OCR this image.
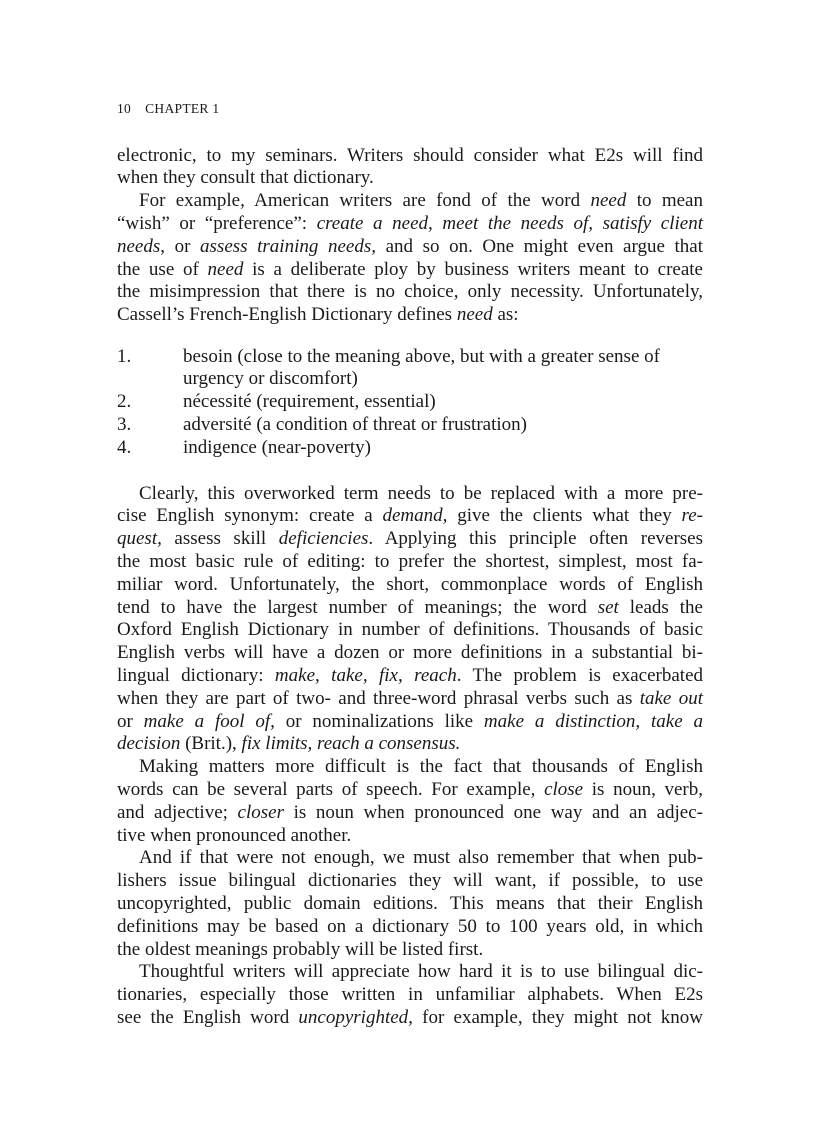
10 CHAPTER 1
electronic, to my seminars. Writers should consider what E2s will find
when they consult that dictionary.
For example, American writers are fond of the word need to mean
“wish” or “preference”: create a need, meet the needs of, satisfy client
needs, or assess training needs, and so on. One might even argue that
the use of need is a deliberate ploy by business writers meant to create
the misimpression that there is no choice, only necessity. Unfortunately,
Cassell’s French-English Dictionary defines need as:
1.	besoin (close to the meaning above, but with a greater sense of
urgency or discomfort)
2.	nécessité (requirement, essential)
3.	adversité (a condition of threat or frustration)
4.	indigence (near-poverty)
Clearly, this overworked term needs to be replaced with a more pre-
cise English synonym: create a demand, give the clients what they re-
quest, assess skill deficiencies. Applying this principle often reverses
the most basic rule of editing: to prefer the shortest, simplest, most fa-
miliar word. Unfortunately, the short, commonplace words of English
tend to have the largest number of meanings; the word set leads the
Oxford English Dictionary in number of definitions. Thousands of basic
English verbs will have a dozen or more definitions in a substantial bi-
lingual dictionary: make, take, fix, reach. The problem is exacerbated
when they are part of two- and three-word phrasal verbs such as take out
or make a fool of, or nominalizations like make a distinction, take a
decision (Brit.), fix limits, reach a consensus.
Making matters more difficult is the fact that thousands of English
words can be several parts of speech. For example, close is noun, verb,
and adjective; closer is noun when pronounced one way and an adjec-
tive when pronounced another.
And if that were not enough, we must also remember that when pub-
lishers issue bilingual dictionaries they will want, if possible, to use
uncopyrighted, public domain editions. This means that their English
definitions may be based on a dictionary 50 to 100 years old, in which
the oldest meanings probably will be listed first.
Thoughtful writers will appreciate how hard it is to use bilingual dic-
tionaries, especially those written in unfamiliar alphabets. When E2s
see the English word uncopyrighted, for example, they might not know
